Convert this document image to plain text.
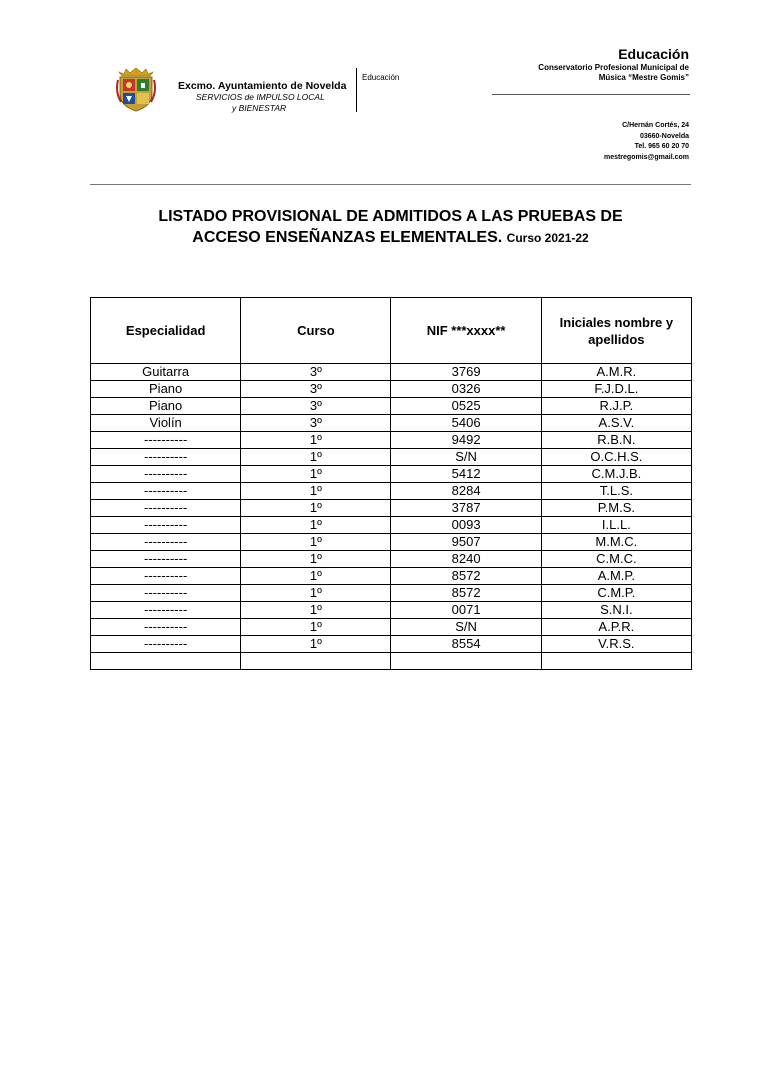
Excmo. Ayuntamiento de Novelda
SERVICIOS de IMPULSO LOCAL
y BIENESTAR
Educación
Educación
Conservatorio Profesional Municipal de
Música “Mestre Gomis”
C/Hernán Cortés, 24
03660-Novelda
Tel. 965 60 20 70
mestregomis@gmail.com
LISTADO PROVISIONAL DE ADMITIDOS A LAS PRUEBAS DE
ACCESO ENSEÑANZAS ELEMENTALES. Curso 2021-22
Especialidad	Curso	NIF ***xxxx**	Iniciales nombre y apellidos
Guitarra	3º	3769	A.M.R.
Piano	3º	0326	F.J.D.L.
Piano	3º	0525	R.J.P.
Violín	3º	5406	A.S.V.
----------	1º	9492	R.B.N.
----------	1º	S/N	O.C.H.S.
----------	1º	5412	C.M.J.B.
----------	1º	8284	T.L.S.
----------	1º	3787	P.M.S.
----------	1º	0093	I.L.L.
----------	1º	9507	M.M.C.
----------	1º	8240	C.M.C.
----------	1º	8572	A.M.P.
----------	1º	8572	C.M.P.
----------	1º	0071	S.N.I.
----------	1º	S/N	A.P.R.
----------	1º	8554	V.R.S.
